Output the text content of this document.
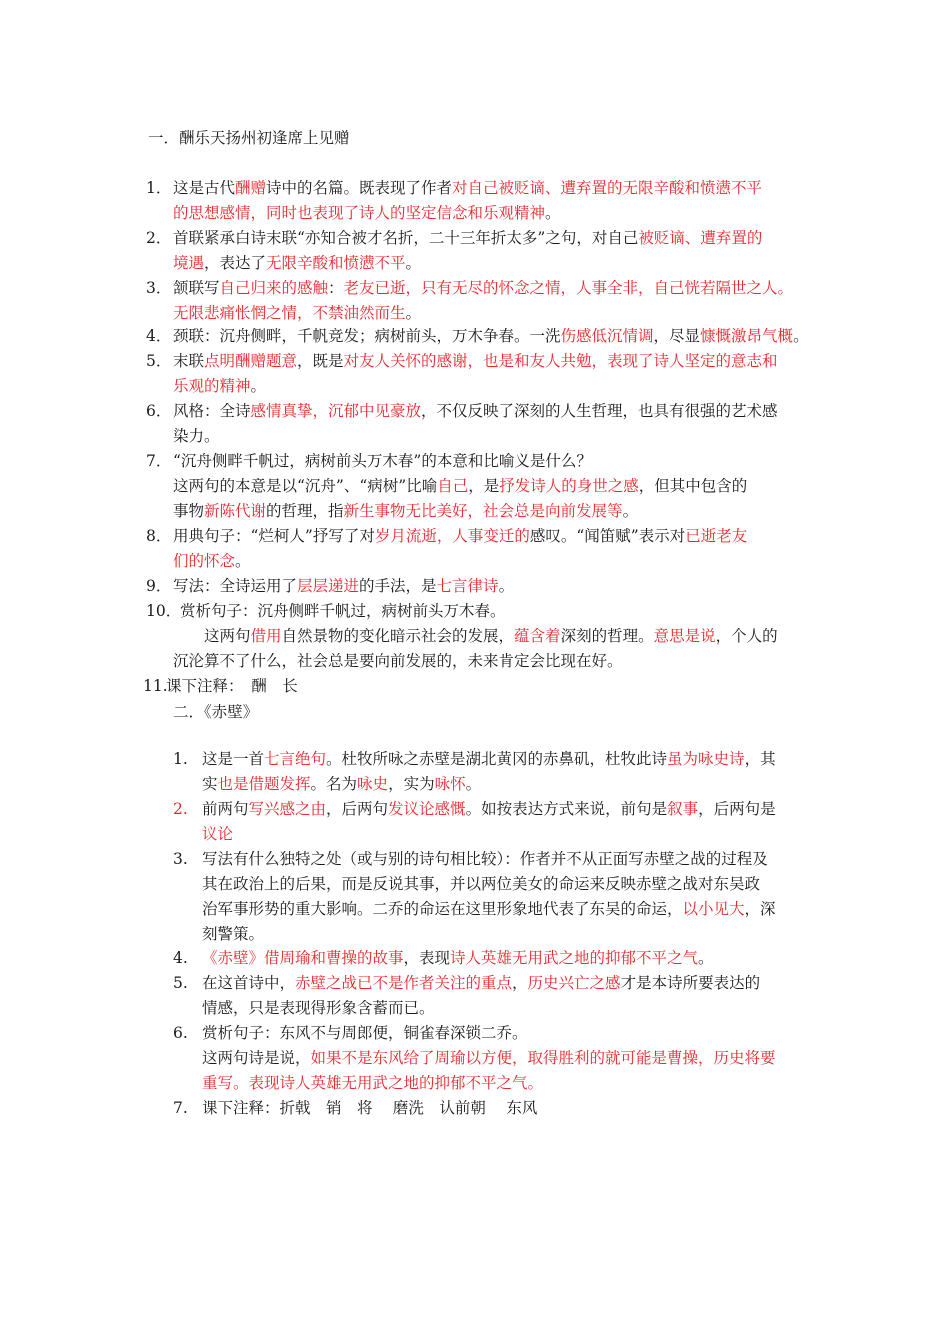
一．酬乐天扬州初逢席上见赠
1． 这是古代酬赠诗中的名篇。既表现了作者对自己被贬谪、遭弃置的无限辛酸和愤懑不平
的思想感情，同时也表现了诗人的坚定信念和乐观精神。
2． 首联紧承白诗末联“亦知合被才名折，二十三年折太多”之句，对自己被贬谪、遭弃置的
境遇，表达了无限辛酸和愤懑不平。
3． 颔联写自己归来的感触：老友已逝，只有无尽的怀念之情，人事全非，自己恍若隔世之人。
无限悲痛怅惘之情，不禁油然而生。
4． 颈联：沉舟侧畔，千帆竞发；病树前头，万木争春。一洗伤感低沉情调，尽显慷慨激昂气概。
5． 末联点明酬赠题意，既是对友人关怀的感谢，也是和友人共勉，表现了诗人坚定的意志和
乐观的精神。
6． 风格：全诗感情真挚，沉郁中见豪放，不仅反映了深刻的人生哲理，也具有很强的艺术感
染力。
7． “沉舟侧畔千帆过，病树前头万木春”的本意和比喻义是什么？
这两句的本意是以“沉舟”、“病树”比喻自己，是抒发诗人的身世之感，但其中包含的
事物新陈代谢的哲理，指新生事物无比美好，社会总是向前发展等。
8． 用典句子：“烂柯人”抒写了对岁月流逝，人事变迁的感叹。“闻笛赋”表示对已逝老友
们的怀念。
9． 写法：全诗运用了层层递进的手法，是七言律诗。
10．
赏析句子：沉舟侧畔千帆过，病树前头万木春。
　　这两句借用自然景物的变化暗示社会的发展，蕴含着深刻的哲理。意思是说，个人的
沉沦算不了什么，社会总是要向前发展的，未来肯定会比现在好。
11.
课下注释：　酬　长
二．《赤壁》
1. 这是一首七言绝句。杜牧所咏之赤壁是湖北黄冈的赤鼻矶，杜牧此诗虽为咏史诗，其
实也是借题发挥。名为咏史，实为咏怀。
2. 前两句写兴感之由，后两句发议论感慨。如按表达方式来说，前句是叙事，后两句是
议论
3. 写法有什么独特之处（或与别的诗句相比较）：作者并不从正面写赤壁之战的过程及
其在政治上的后果，而是反说其事，并以两位美女的命运来反映赤壁之战对东吴政
治军事形势的重大影响。二乔的命运在这里形象地代表了东吴的命运，以小见大，深
刻警策。
4. 《赤壁》借周瑜和曹操的故事，表现诗人英雄无用武之地的抑郁不平之气。
5. 在这首诗中，赤壁之战已不是作者关注的重点，历史兴亡之感才是本诗所要表达的
情感，只是表现得形象含蓄而已。
6. 赏析句子：东风不与周郎便，铜雀春深锁二乔。
这两句诗是说，如果不是东风给了周瑜以方便，取得胜利的就可能是曹操，历史将要
重写。表现诗人英雄无用武之地的抑郁不平之气。
7. 课下注释：折戟　销　将　 磨洗　认前朝　 东风
